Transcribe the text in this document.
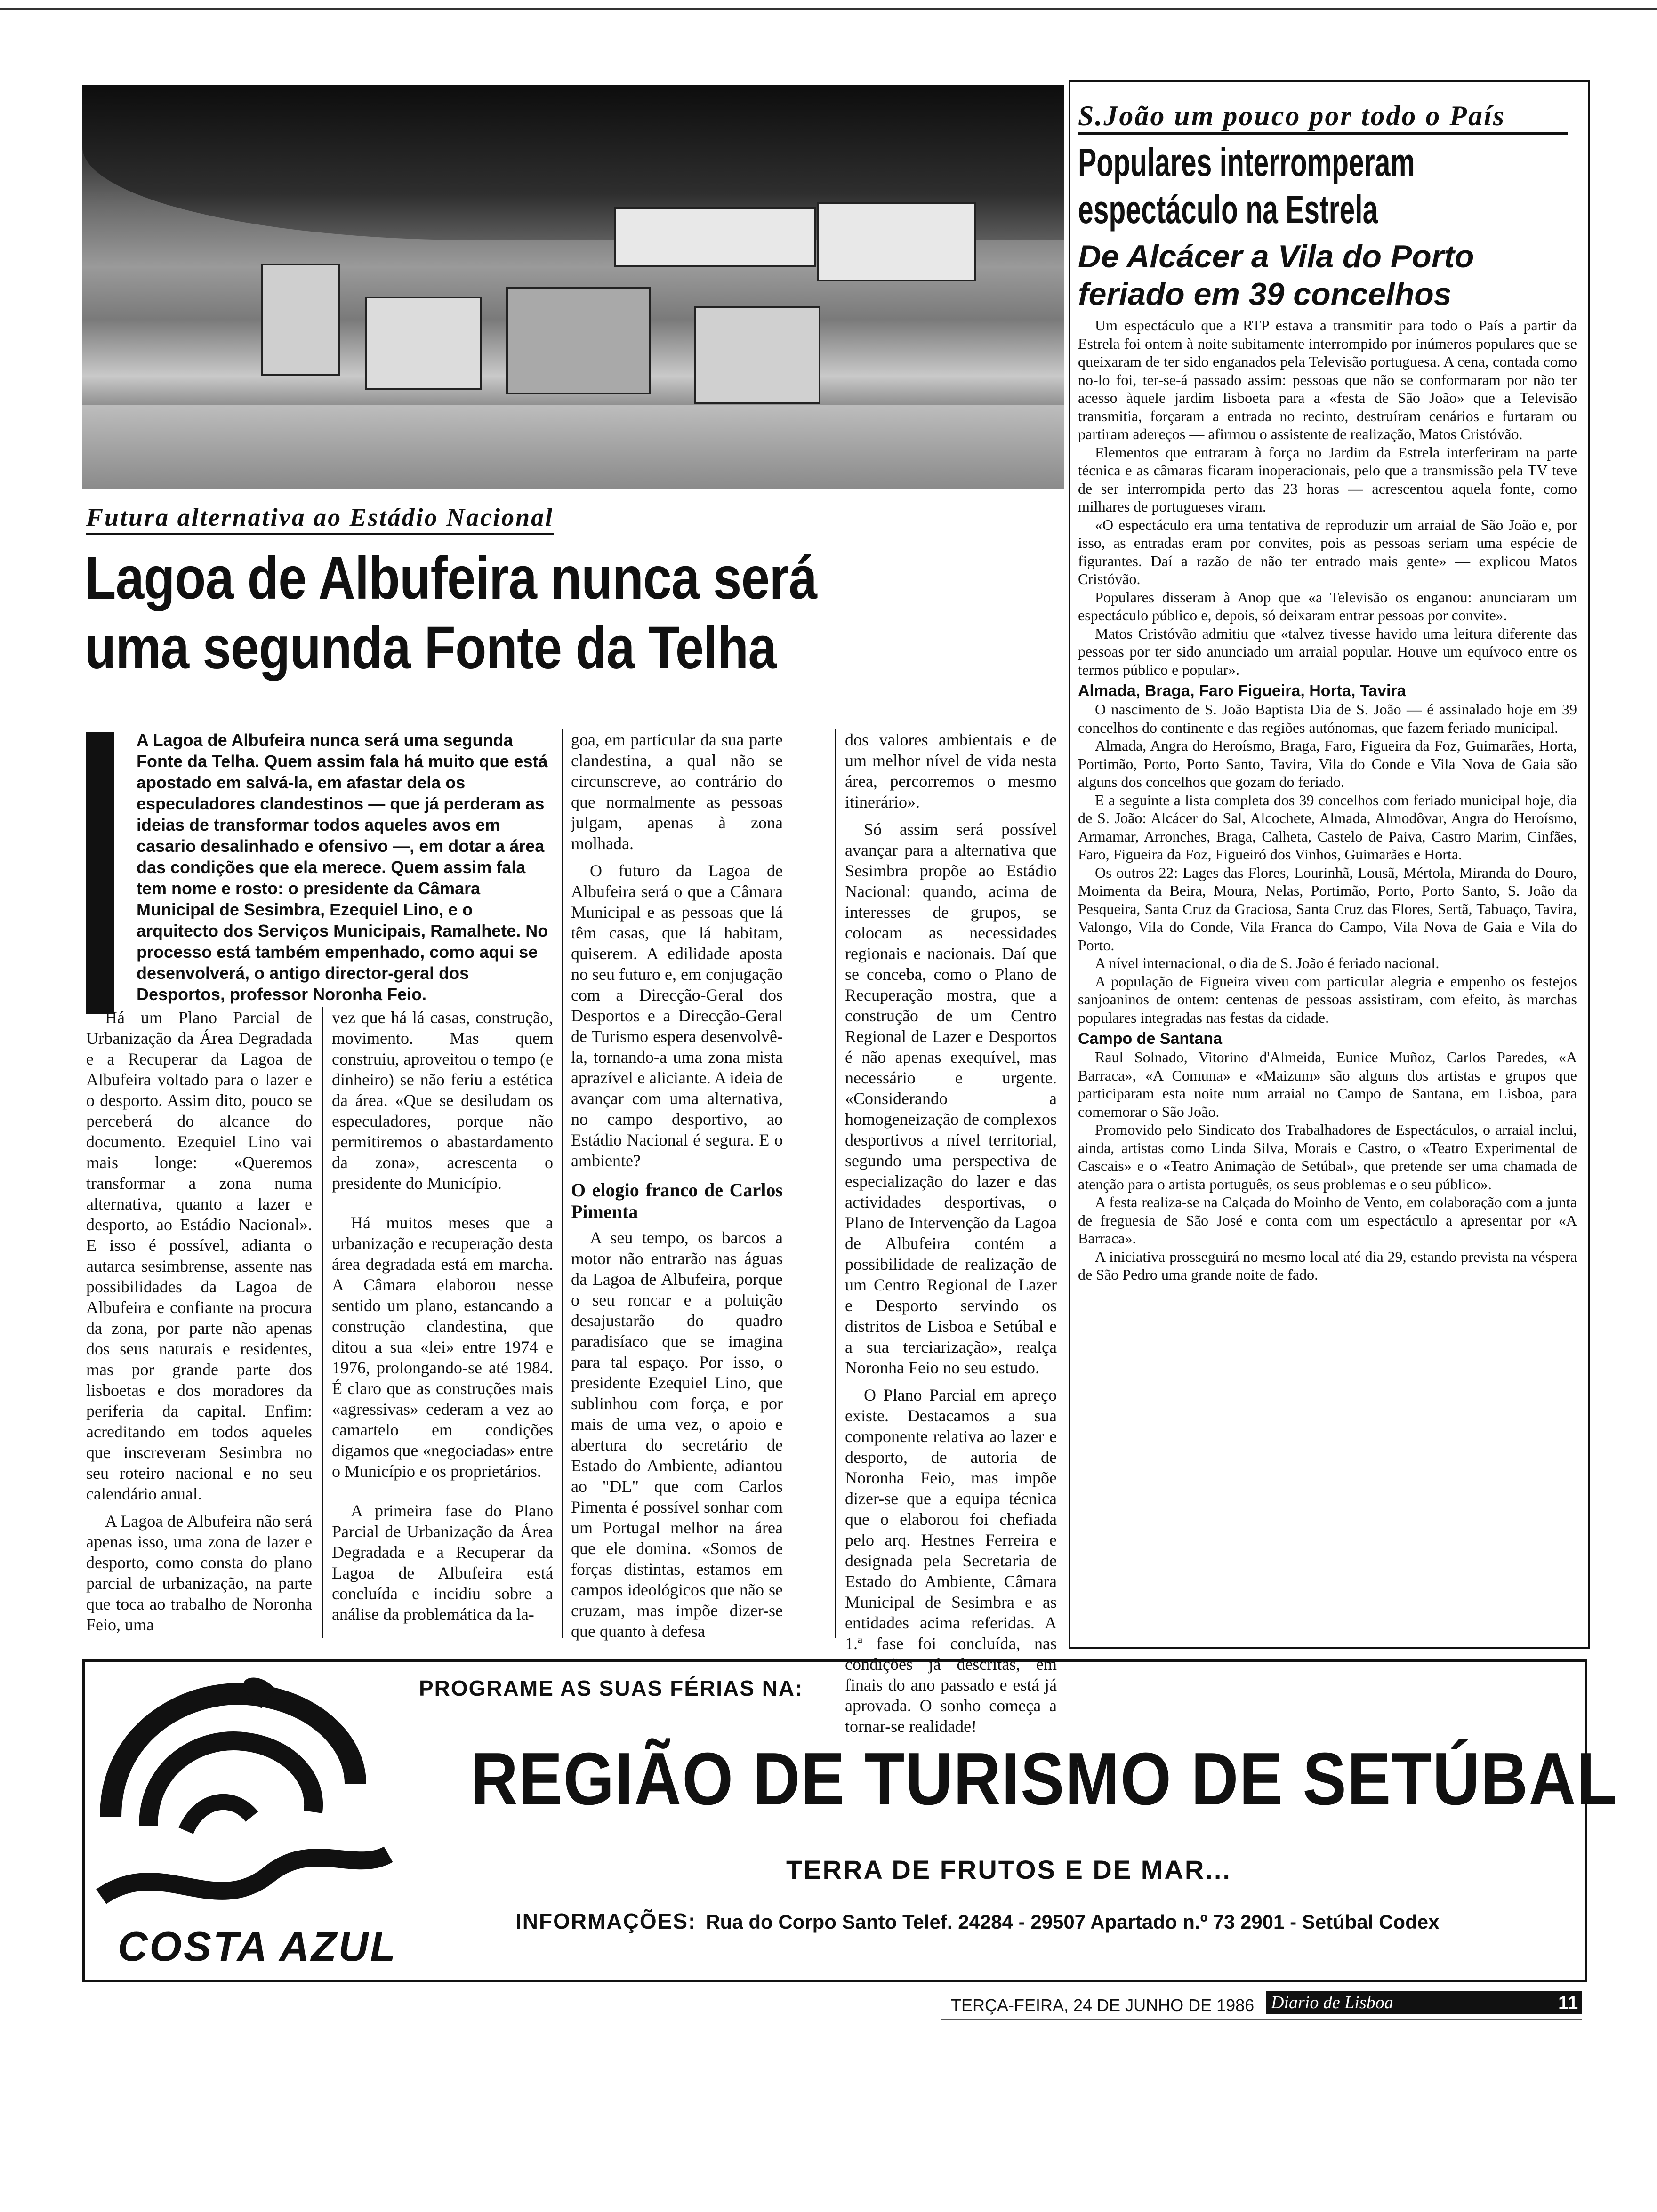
Futura alternativa ao Estádio Nacional
Lagoa de Albufeira nunca será
uma segunda Fonte da Telha
A Lagoa de Albufeira nunca será uma segunda Fonte da Telha. Quem assim fala há muito que está apostado em salvá-la, em afastar dela os especuladores clandestinos — que já perderam as ideias de transformar todos aqueles avos em casario desalinhado e ofensivo —, em dotar a área das condições que ela merece. Quem assim fala tem nome e rosto: o presidente da Câmara Municipal de Sesimbra, Ezequiel Lino, e o arquitecto dos Serviços Municipais, Ramalhete. No processo está também empenhado, como aqui se desenvolverá, o antigo director-geral dos Desportos, professor Noronha Feio.

Há um Plano Parcial de Urbanização da Área Degradada e a Recuperar da Lagoa de Albufeira voltado para o lazer e o desporto. Assim dito, pouco se perceberá do alcance do documento. Ezequiel Lino vai mais longe: «Queremos transformar a zona numa alternativa, quanto a lazer e desporto, ao Estádio Nacional». E isso é possível, adianta o autarca sesimbrense, assente nas possibilidades da Lagoa de Albufeira e confiante na procura da zona, por parte não apenas dos seus naturais e residentes, mas por grande parte dos lisboetas e dos moradores da periferia da capital. Enfim: acreditando em todos aqueles que inscreveram Sesimbra no seu roteiro nacional e no seu calendário anual.

A Lagoa de Albufeira não será apenas isso, uma zona de lazer e desporto, como consta do plano parcial de urbanização, na parte que toca ao trabalho de Noronha Feio, uma

vez que há lá casas, construção, movimento. Mas quem construiu, aproveitou o tempo (e dinheiro) se não feriu a estética da área. «Que se desiludam os especuladores, porque não permitiremos o abastardamento da zona», acrescenta o presidente do Município.

Há muitos meses que a urbanização e recuperação desta área degradada está em marcha. A Câmara elaborou nesse sentido um plano, estancando a construção clandestina, que ditou a sua «lei» entre 1974 e 1976, prolongando-se até 1984. É claro que as construções mais «agressivas» cederam a vez ao camartelo em condições digamos que «negociadas» entre o Município e os proprietários.

A primeira fase do Plano Parcial de Urbanização da Área Degradada e a Recuperar da Lagoa de Albufeira está concluída e incidiu sobre a análise da problemática da la-

goa, em particular da sua parte clandestina, a qual não se circunscreve, ao contrário do que normalmente as pessoas julgam, apenas à zona molhada.

O futuro da Lagoa de Albufeira será o que a Câmara Municipal e as pessoas que lá têm casas, que lá habitam, quiserem. A edilidade aposta no seu futuro e, em conjugação com a Direcção-Geral dos Desportos e a Direcção-Geral de Turismo espera desenvolvê-la, tornando-a uma zona mista aprazível e aliciante. A ideia de avançar com uma alternativa, no campo desportivo, ao Estádio Nacional é segura. E o ambiente?

O elogio franco de Carlos Pimenta

A seu tempo, os barcos a motor não entrarão nas águas da Lagoa de Albufeira, porque o seu roncar e a poluição desajustarão do quadro paradisíaco que se imagina para tal espaço. Por isso, o presidente Ezequiel Lino, que sublinhou com força, e por mais de uma vez, o apoio e abertura do secretário de Estado do Ambiente, adiantou ao "DL" que com Carlos Pimenta é possível sonhar com um Portugal melhor na área que ele domina. «Somos de forças distintas, estamos em campos ideológicos que não se cruzam, mas impõe dizer-se que quanto à defesa

dos valores ambientais e de um melhor nível de vida nesta área, percorremos o mesmo itinerário».

Só assim será possível avançar para a alternativa que Sesimbra propõe ao Estádio Nacional: quando, acima de interesses de grupos, se colocam as necessidades regionais e nacionais. Daí que se conceba, como o Plano de Recuperação mostra, que a construção de um Centro Regional de Lazer e Desportos é não apenas exequível, mas necessário e urgente. «Considerando a homogeneização de complexos desportivos a nível territorial, segundo uma perspectiva de especialização do lazer e das actividades desportivas, o Plano de Intervenção da Lagoa de Albufeira contém a possibilidade de realização de um Centro Regional de Lazer e Desporto servindo os distritos de Lisboa e Setúbal e a sua terciarização», realça Noronha Feio no seu estudo.

O Plano Parcial em apreço existe. Destacamos a sua componente relativa ao lazer e desporto, de autoria de Noronha Feio, mas impõe dizer-se que a equipa técnica que o elaborou foi chefiada pelo arq. Hestnes Ferreira e designada pela Secretaria de Estado do Ambiente, Câmara Municipal de Sesimbra e as entidades acima referidas. A 1.ª fase foi concluída, nas condições já descritas, em finais do ano passado e está já aprovada. O sonho começa a tornar-se realidade!

S.João um pouco por todo o País
Populares interromperam espectáculo na Estrela
De Alcácer a Vila do Porto feriado em 39 concelhos

Um espectáculo que a RTP estava a transmitir para todo o País a partir da Estrela foi ontem à noite subitamente interrompido por inúmeros populares que se queixaram de ter sido enganados pela Televisão portuguesa. A cena, contada como no-lo foi, ter-se-á passado assim: pessoas que não se conformaram por não ter acesso àquele jardim lisboeta para a «festa de São João» que a Televisão transmitia, forçaram a entrada no recinto, destruíram cenários e furtaram ou partiram adereços — afirmou o assistente de realização, Matos Cristóvão.

Elementos que entraram à força no Jardim da Estrela interferiram na parte técnica e as câmaras ficaram inoperacionais, pelo que a transmissão pela TV teve de ser interrompida perto das 23 horas — acrescentou aquela fonte, como milhares de portugueses viram.

«O espectáculo era uma tentativa de reproduzir um arraial de São João e, por isso, as entradas eram por convites, pois as pessoas seriam uma espécie de figurantes. Daí a razão de não ter entrado mais gente» — explicou Matos Cristóvão.

Populares disseram à Anop que «a Televisão os enganou: anunciaram um espectáculo público e, depois, só deixaram entrar pessoas por convite».

Matos Cristóvão admitiu que «talvez tivesse havido uma leitura diferente das pessoas por ter sido anunciado um arraial popular. Houve um equívoco entre os termos público e popular».

Almada, Braga, Faro Figueira, Horta, Tavira

O nascimento de S. João Baptista Dia de S. João — é assinalado hoje em 39 concelhos do continente e das regiões autónomas, que fazem feriado municipal.

Almada, Angra do Heroísmo, Braga, Faro, Figueira da Foz, Guimarães, Horta, Portimão, Porto, Porto Santo, Tavira, Vila do Conde e Vila Nova de Gaia são alguns dos concelhos que gozam do feriado.

E a seguinte a lista completa dos 39 concelhos com feriado municipal hoje, dia de S. João: Alcácer do Sal, Alcochete, Almada, Almodôvar, Angra do Heroísmo, Armamar, Arronches, Braga, Calheta, Castelo de Paiva, Castro Marim, Cinfães, Faro, Figueira da Foz, Figueiró dos Vinhos, Guimarães e Horta.

Os outros 22: Lages das Flores, Lourinhã, Lousã, Mértola, Miranda do Douro, Moimenta da Beira, Moura, Nelas, Portimão, Porto, Porto Santo, S. João da Pesqueira, Santa Cruz da Graciosa, Santa Cruz das Flores, Sertã, Tabuaço, Tavira, Valongo, Vila do Conde, Vila Franca do Campo, Vila Nova de Gaia e Vila do Porto.

A nível internacional, o dia de S. João é feriado nacional.

A população de Figueira viveu com particular alegria e empenho os festejos sanjoaninos de ontem: centenas de pessoas assistiram, com efeito, às marchas populares integradas nas festas da cidade.

Campo de Santana

Raul Solnado, Vitorino d'Almeida, Eunice Muñoz, Carlos Paredes, «A Barraca», «A Comuna» e «Maizum» são alguns dos artistas e grupos que participaram esta noite num arraial no Campo de Santana, em Lisboa, para comemorar o São João.

Promovido pelo Sindicato dos Trabalhadores de Espectáculos, o arraial inclui, ainda, artistas como Linda Silva, Morais e Castro, o «Teatro Experimental de Cascais» e o «Teatro Animação de Setúbal», que pretende ser uma chamada de atenção para o artista português, os seus problemas e o seu público».

A festa realiza-se na Calçada do Moinho de Vento, em colaboração com a junta de freguesia de São José e conta com um espectáculo a apresentar por «A Barraca».

A iniciativa prosseguirá no mesmo local até dia 29, estando prevista na véspera de São Pedro uma grande noite de fado.

COSTA AZUL
PROGRAME AS SUAS FÉRIAS NA:
REGIÃO DE TURISMO DE SETÚBAL
TERRA DE FRUTOS E DE MAR...
INFORMAÇÕES: Rua do Corpo Santo Telef. 24284 - 29507 Apartado n.º 73 2901 - Setúbal Codex
TERÇA-FEIRA, 24 DE JUNHO DE 1986 Diario de Lisboa	11
